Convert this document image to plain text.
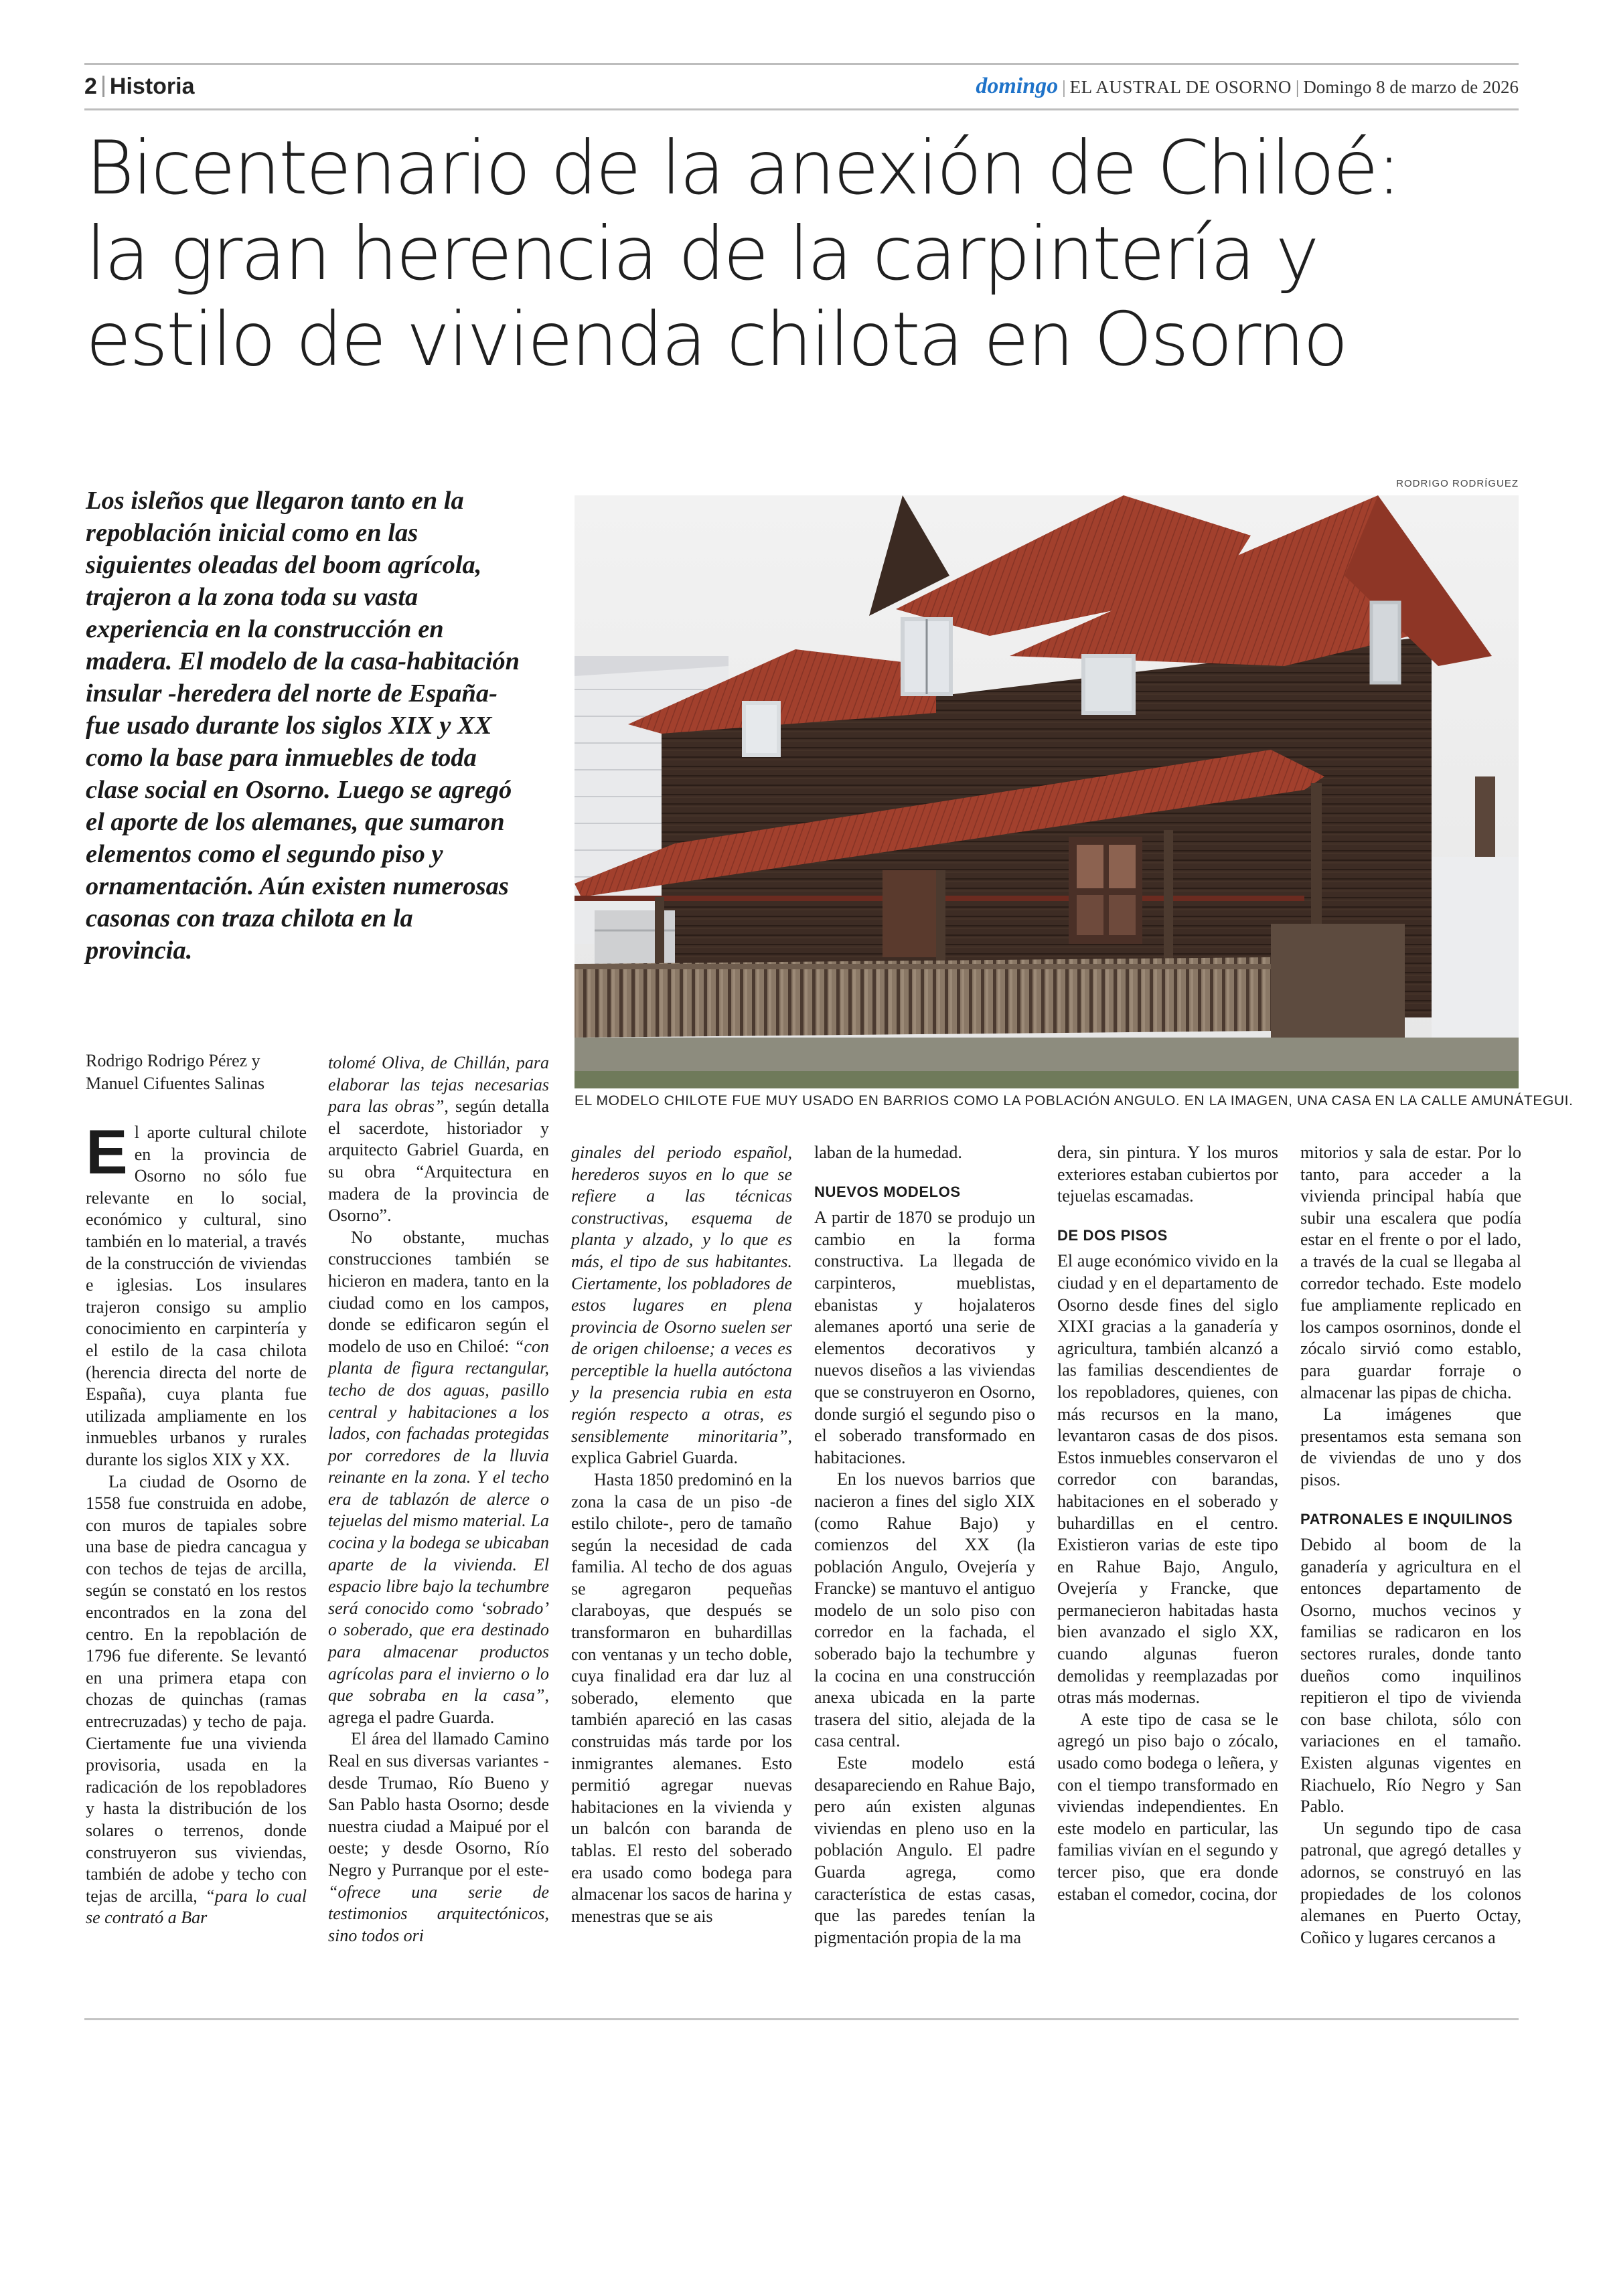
2 Historia	domingo | EL AUSTRAL DE OSORNO | Domingo 8 de marzo de 2026
Bicentenario de la anexión de Chiloé:
la gran herencia de la carpintería y
estilo de vivienda chilota en Osorno
Los isleños que llegaron tanto en la repoblación inicial como en las siguientes oleadas del boom agrícola, trajeron a la zona toda su vasta experiencia en la construcción en madera. El modelo de la casa-habitación insular -heredera del norte de España- fue usado durante los siglos XIX y XX como la base para inmuebles de toda clase social en Osorno. Luego se agregó el aporte de los alemanes, que sumaron elementos como el segundo piso y ornamentación. Aún existen numerosas casonas con traza chilota en la provincia.
RODRIGO RODRÍGUEZ
EL MODELO CHILOTE FUE MUY USADO EN BARRIOS COMO LA POBLACIÓN ANGULO. EN LA IMAGEN, UNA CASA EN LA CALLE AMUNÁTEGUI.
Rodrigo Rodrigo Pérez y
Manuel Cifuentes Salinas

El aporte cultural chilote en la provincia de Osorno no sólo fue relevante en lo social, económico y cultural, sino también en lo material, a través de la construcción de viviendas e iglesias. Los insulares trajeron consigo su amplio conocimiento en carpintería y el estilo de la casa chilota (herencia directa del norte de España), cuya planta fue utilizada ampliamente en los inmuebles urbanos y rurales durante los siglos XIX y XX.

La ciudad de Osorno de 1558 fue construida en adobe, con muros de tapiales sobre una base de piedra cancagua y con techos de tejas de arcilla, según se constató en los restos encontrados en la zona del centro. En la repoblación de 1796 fue diferente. Se levantó en una primera etapa con chozas de quinchas (ramas entrecruzadas) y techo de paja. Ciertamente fue una vivienda provisoria, usada en la radicación de los repobladores y hasta la distribución de los solares o terrenos, donde construyeron sus viviendas, también de adobe y techo con tejas de arcilla, “para lo cual se contrató a Bar

tolomé Oliva, de Chillán, para elaborar las tejas necesarias para las obras”, según detalla el sacerdote, historiador y arquitecto Gabriel Guarda, en su obra “Arquitectura en madera de la provincia de Osorno”.

No obstante, muchas construcciones también se hicieron en madera, tanto en la ciudad como en los campos, donde se edificaron según el modelo de uso en Chiloé: “con planta de figura rectangular, techo de dos aguas, pasillo central y habitaciones a los lados, con fachadas protegidas por corredores de la lluvia reinante en la zona. Y el techo era de tablazón de alerce o tejuelas del mismo material. La cocina y la bodega se ubicaban aparte de la vivienda. El espacio libre bajo la techumbre será conocido como ‘sobrado’ o soberado, que era destinado para almacenar productos agrícolas para el invierno o lo que sobraba en la casa”, agrega el padre Guarda.

El área del llamado Camino Real en sus diversas variantes -desde Trumao, Río Bueno y San Pablo hasta Osorno; desde nuestra ciudad a Maipué por el oeste; y desde Osorno, Río Negro y Purranque por el este- “ofrece una serie de testimonios arquitectónicos, sino todos ori

ginales del periodo español, herederos suyos en lo que se refiere a las técnicas constructivas, esquema de planta y alzado, y lo que es más, el tipo de sus habitantes. Ciertamente, los pobladores de estos lugares en plena provincia de Osorno suelen ser de origen chiloense; a veces es perceptible la huella autóctona y la presencia rubia en esta región respecto a otras, es sensiblemente minoritaria”, explica Gabriel Guarda.

Hasta 1850 predominó en la zona la casa de un piso -de estilo chilote-, pero de tamaño según la necesidad de cada familia. Al techo de dos aguas se agregaron pequeñas claraboyas, que después se transformaron en buhardillas con ventanas y un techo doble, cuya finalidad era dar luz al soberado, elemento que también apareció en las casas construidas más tarde por los inmigrantes alemanes. Esto permitió agregar nuevas habitaciones en la vivienda y un balcón con baranda de tablas. El resto del soberado era usado como bodega para almacenar los sacos de harina y menestras que se ais

laban de la humedad.

NUEVOS MODELOS

A partir de 1870 se produjo un cambio en la forma constructiva. La llegada de carpinteros, mueblistas, ebanistas y hojalateros alemanes aportó una serie de elementos decorativos y nuevos diseños a las viviendas que se construyeron en Osorno, donde surgió el segundo piso o el soberado transformado en habitaciones.

En los nuevos barrios que nacieron a fines del siglo XIX (como Rahue Bajo) y comienzos del XX (la población Angulo, Ovejería y Francke) se mantuvo el antiguo modelo de un solo piso con corredor en la fachada, el soberado bajo la techumbre y la cocina en una construcción anexa ubicada en la parte trasera del sitio, alejada de la casa central.

Este modelo está desapareciendo en Rahue Bajo, pero aún existen algunas viviendas en pleno uso en la población Angulo. El padre Guarda agrega, como característica de estas casas, que las paredes tenían la pigmentación propia de la ma

dera, sin pintura. Y los muros exteriores estaban cubiertos por tejuelas escamadas.

DE DOS PISOS

El auge económico vivido en la ciudad y en el departamento de Osorno desde fines del siglo XIXI gracias a la ganadería y agricultura, también alcanzó a las familias descendientes de los repobladores, quienes, con más recursos en la mano, levantaron casas de dos pisos. Estos inmuebles conservaron el corredor con barandas, habitaciones en el soberado y buhardillas en el centro. Existieron varias de este tipo en Rahue Bajo, Angulo, Ovejería y Francke, que permanecieron habitadas hasta bien avanzado el siglo XX, cuando algunas fueron demolidas y reemplazadas por otras más modernas.

A este tipo de casa se le agregó un piso bajo o zócalo, usado como bodega o leñera, y con el tiempo transformado en viviendas independientes. En este modelo en particular, las familias vivían en el segundo y tercer piso, que era donde estaban el comedor, cocina, dor

mitorios y sala de estar. Por lo tanto, para acceder a la vivienda principal había que subir una escalera que podía estar en el frente o por el lado, a través de la cual se llegaba al corredor techado. Este modelo fue ampliamente replicado en los campos osorninos, donde el zócalo sirvió como establo, para guardar forraje o almacenar las pipas de chicha.

La imágenes que presentamos esta semana son de viviendas de uno y dos pisos.

PATRONALES E INQUILINOS

Debido al boom de la ganadería y agricultura en el entonces departamento de Osorno, muchos vecinos y familias se radicaron en los sectores rurales, donde tanto dueños como inquilinos repitieron el tipo de vivienda con base chilota, sólo con variaciones en el tamaño. Existen algunas vigentes en Riachuelo, Río Negro y San Pablo.

Un segundo tipo de casa patronal, que agregó detalles y adornos, se construyó en las propiedades de los colonos alemanes en Puerto Octay, Coñico y lugares cercanos a
